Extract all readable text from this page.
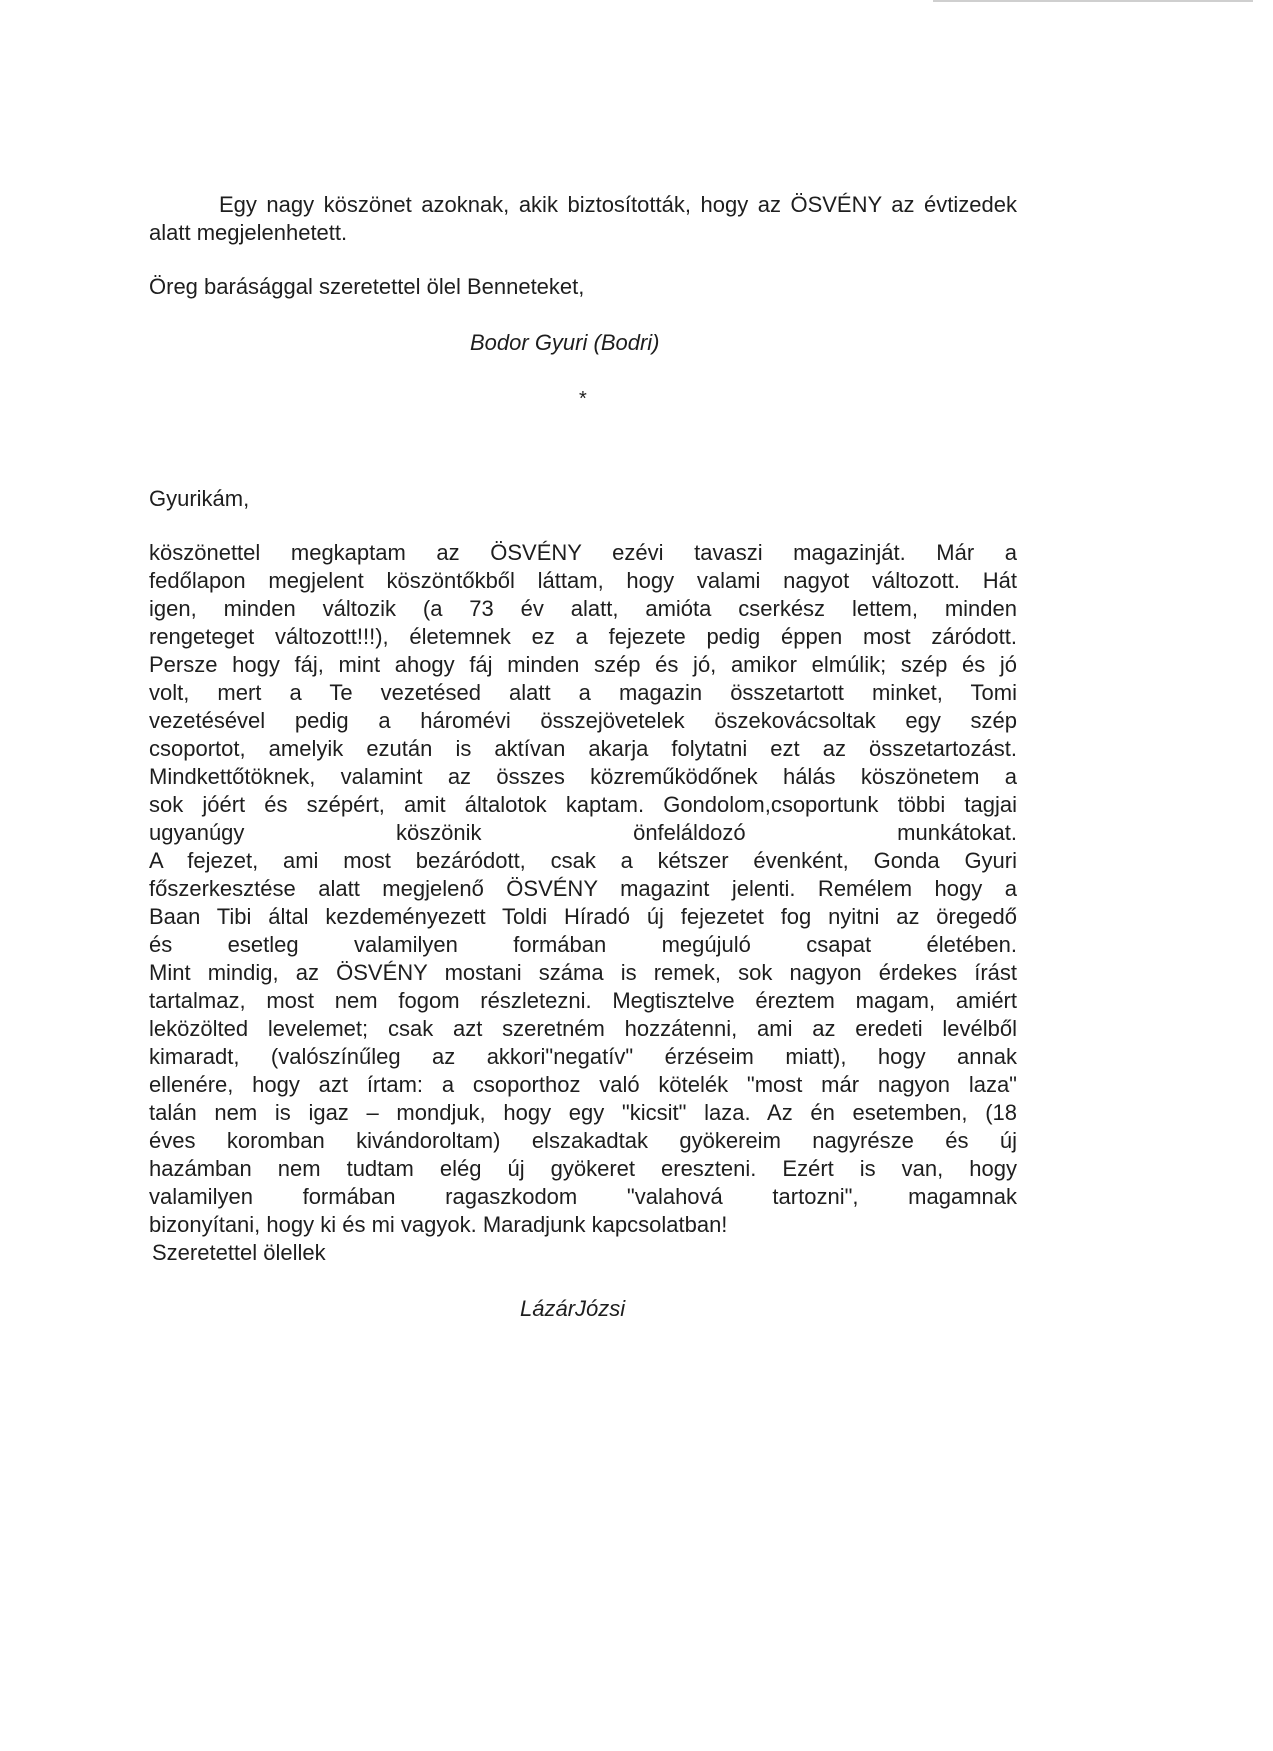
Egy nagy köszönet azoknak, akik biztosították, hogy az ÖSVÉNY az évtizedek alatt megjelenhetett.

Öreg barásággal szeretettel ölel Benneteket,

Bodor Gyuri (Bodri)

*

Gyurikám,

köszönettel megkaptam az ÖSVÉNY ezévi tavaszi magazinját. Már a
fedőlapon megjelent köszöntőkből láttam, hogy valami nagyot változott. Hát
igen, minden változik (a 73 év alatt, amióta cserkész lettem, minden
rengeteget változott!!!), életemnek ez a fejezete pedig éppen most záródott.
Persze hogy fáj, mint ahogy fáj minden szép és jó, amikor elmúlik; szép és jó
volt, mert a Te vezetésed alatt a magazin összetartott minket, Tomi
vezetésével pedig a háromévi összejövetelek öszekovácsoltak egy szép
csoportot, amelyik ezután is aktívan akarja folytatni ezt az összetartozást.
Mindkettőtöknek, valamint az összes közreműködőnek hálás köszönetem a
sok jóért és szépért, amit általotok kaptam. Gondolom,csoportunk többi tagjai
ugyanúgy köszönik önfeláldozó munkátokat.
A fejezet, ami most bezáródott, csak a kétszer évenként, Gonda Gyuri
főszerkesztése alatt megjelenő ÖSVÉNY magazint jelenti. Remélem hogy a
Baan Tibi által kezdeményezett Toldi Híradó új fejezetet fog nyitni az öregedő
és esetleg valamilyen formában megújuló csapat életében.
Mint mindig, az ÖSVÉNY mostani száma is remek, sok nagyon érdekes írást
tartalmaz, most nem fogom részletezni. Megtisztelve éreztem magam, amiért
leközölted levelemet; csak azt szeretném hozzátenni, ami az eredeti levélből
kimaradt, (valószínűleg az akkori"negatív" érzéseim miatt), hogy annak
ellenére, hogy azt írtam: a csoporthoz való kötelék "most már nagyon laza"
talán nem is igaz – mondjuk, hogy egy "kicsit" laza. Az én esetemben, (18
éves koromban kivándoroltam) elszakadtak gyökereim nagyrésze és új
hazámban nem tudtam elég új gyökeret ereszteni. Ezért is van, hogy
valamilyen formában ragaszkodom "valahová tartozni", magamnak
bizonyítani, hogy ki és mi vagyok. Maradjunk kapcsolatban!

Szeretettel ölellek

LázárJózsi
